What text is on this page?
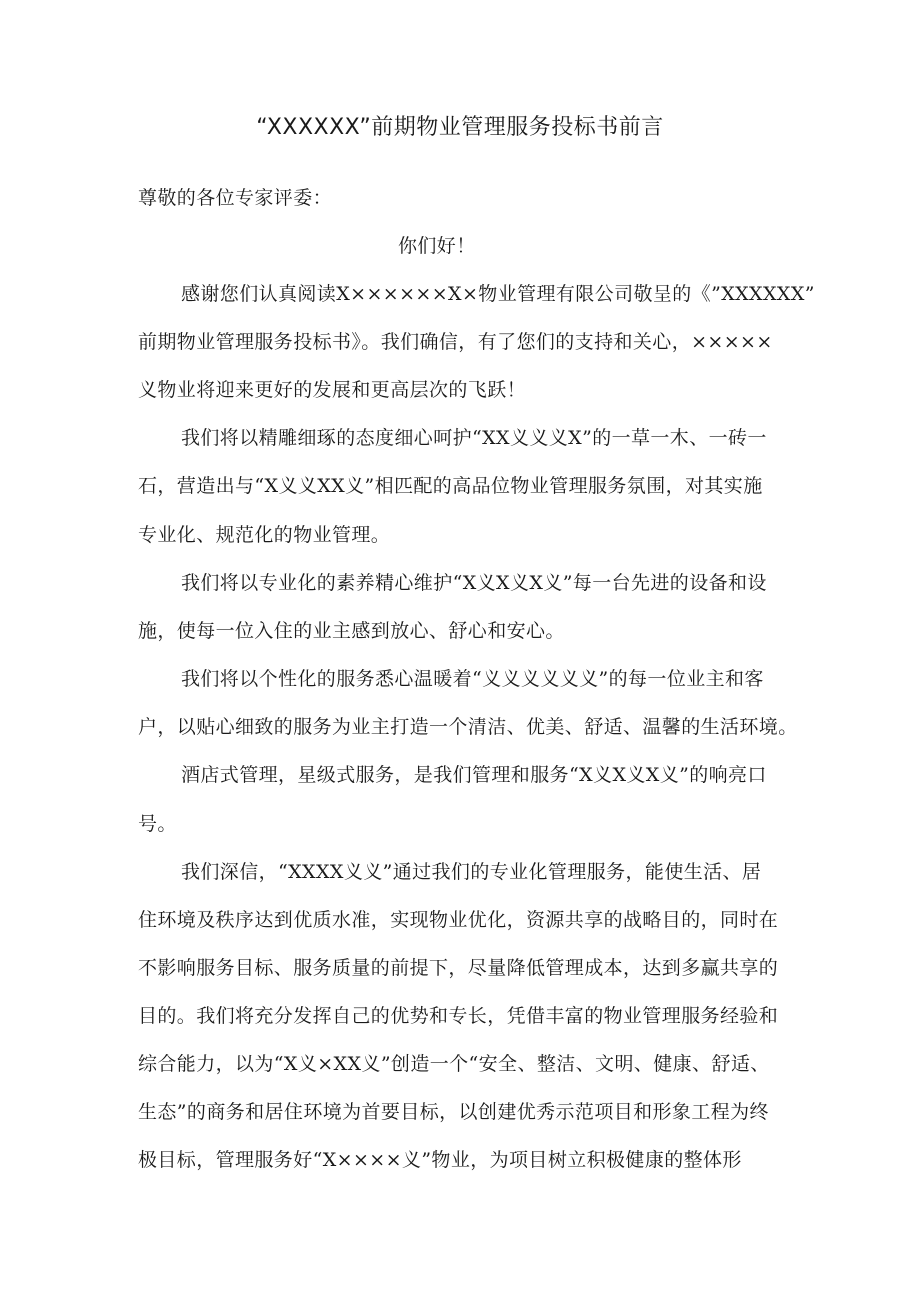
“XXXXXX”前期物业管理服务投标书前言
尊敬的各位专家评委：
你们好！
感谢您们认真阅读X××××××X×物业管理有限公司敬呈的《”XXXXXX”
前期物业管理服务投标书》。我们确信，有了您们的支持和关心，×××××
义物业将迎来更好的发展和更高层次的飞跃！
我们将以精雕细琢的态度细心呵护“XX义义义X”的一草一木、一砖一
石，营造出与“X义义XX义”相匹配的高品位物业管理服务氛围，对其实施
专业化、规范化的物业管理。
我们将以专业化的素养精心维护“X义X义X义”每一台先进的设备和设
施，使每一位入住的业主感到放心、舒心和安心。
我们将以个性化的服务悉心温暖着“义义义义义义”的每一位业主和客
户，以贴心细致的服务为业主打造一个清洁、优美、舒适、温馨的生活环境。
酒店式管理，星级式服务，是我们管理和服务“X义X义X义”的响亮口
号。
我们深信，“XXXX义义”通过我们的专业化管理服务，能使生活、居
住环境及秩序达到优质水准，实现物业优化，资源共享的战略目的，同时在
不影响服务目标、服务质量的前提下，尽量降低管理成本，达到多赢共享的
目的。我们将充分发挥自己的优势和专长，凭借丰富的物业管理服务经验和
综合能力，以为“X义×XX义”创造一个“安全、整洁、文明、健康、舒适、
生态”的商务和居住环境为首要目标，以创建优秀示范项目和形象工程为终
极目标，管理服务好“X××××义”物业，为项目树立积极健康的整体形
